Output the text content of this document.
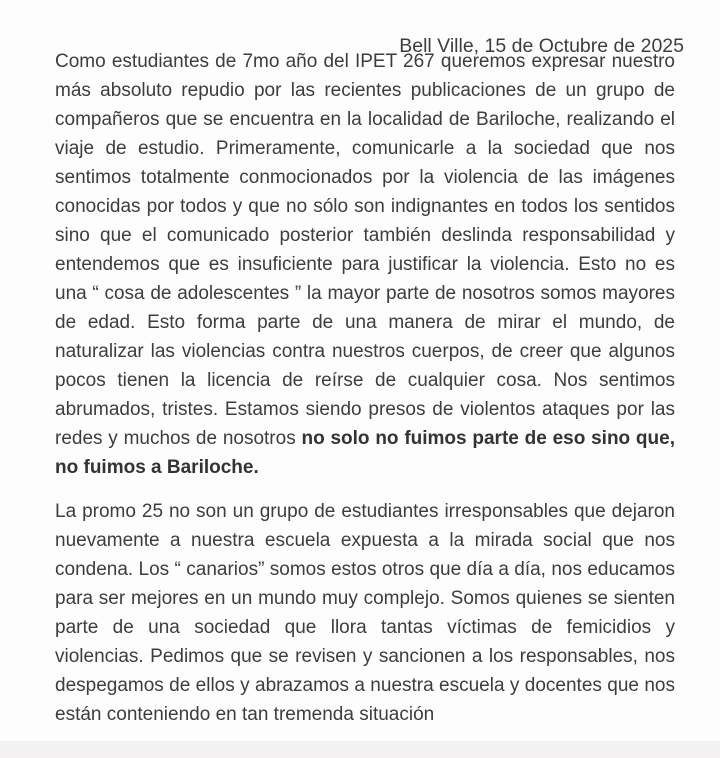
Bell Ville, 15 de Octubre de 2025

Como estudiantes de 7mo año del IPET 267 queremos expresar nuestro más absoluto repudio por las recientes publicaciones de un grupo de compañeros que se encuentra en la localidad de Bariloche, realizando el viaje de estudio. Primeramente, comunicarle a la sociedad que nos sentimos totalmente conmocionados por la violencia de las imágenes conocidas por todos y que no sólo son indignantes en todos los sentidos sino que el comunicado posterior también deslinda responsabilidad y entendemos que es insuficiente para justificar la violencia. Esto no es una “ cosa de adolescentes ” la mayor parte de nosotros somos mayores de edad. Esto forma parte de una manera de mirar el mundo, de naturalizar las violencias contra nuestros cuerpos, de creer que algunos pocos tienen la licencia de reírse de cualquier cosa. Nos sentimos abrumados, tristes. Estamos siendo presos de violentos ataques por las redes y muchos de nosotros no solo no fuimos parte de eso sino que, no fuimos a Bariloche.

La promo 25 no son un grupo de estudiantes irresponsables que dejaron nuevamente a nuestra escuela expuesta a la mirada social que nos condena. Los “ canarios” somos estos otros que día a día, nos educamos para ser mejores en un mundo muy complejo. Somos quienes se sienten parte de una sociedad que llora tantas víctimas de femicidios y violencias. Pedimos que se revisen y sancionen a los responsables, nos despegamos de ellos y abrazamos a nuestra escuela y docentes que nos están conteniendo en tan tremenda situación
